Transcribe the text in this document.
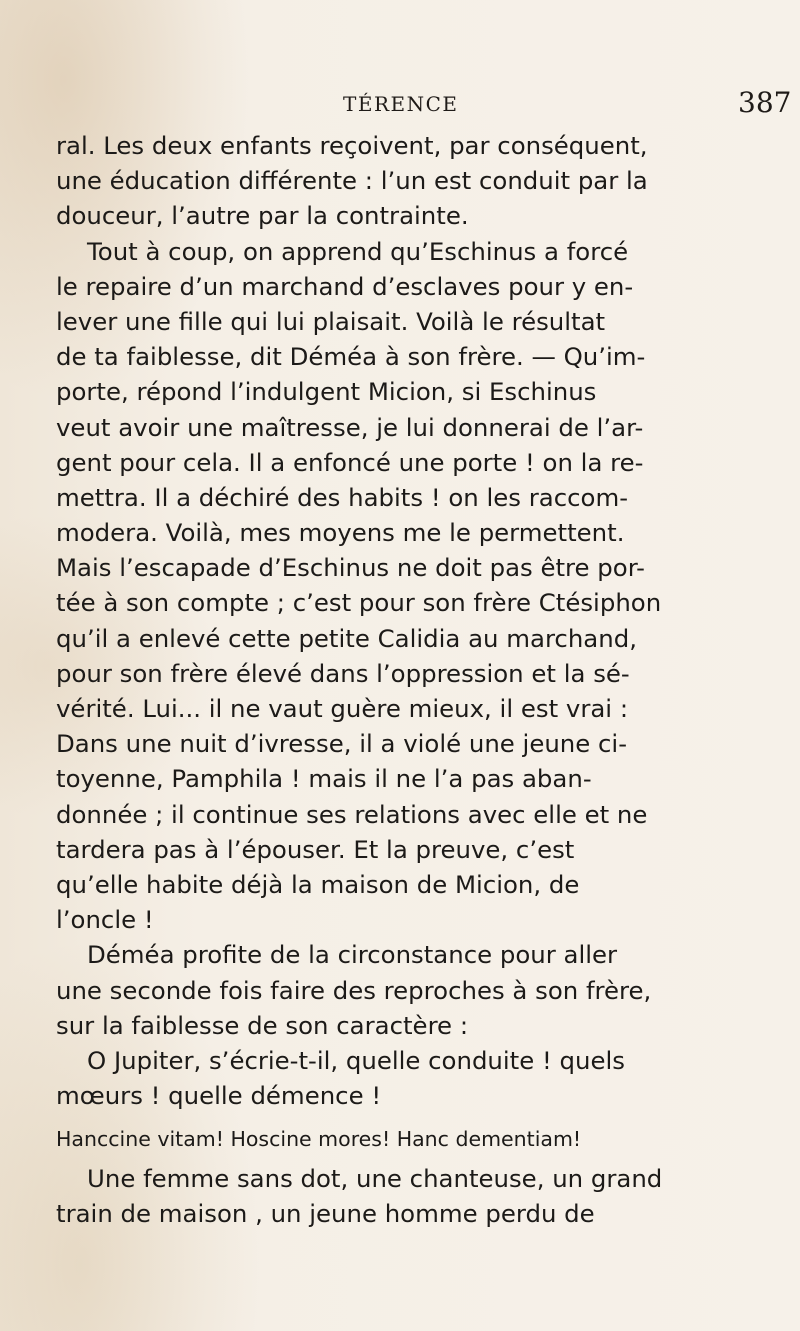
TÉRENCE	387
ral. Les deux enfants reçoivent, par conséquent,
une éducation différente : l’un est conduit par la
douceur, l’autre par la contrainte.
Tout à coup, on apprend qu’Eschinus a forcé
le repaire d’un marchand d’esclaves pour y en-
lever une fille qui lui plaisait. Voilà le résultat
de ta faiblesse, dit Déméa à son frère. — Qu’im-
porte, répond l’indulgent Micion, si Eschinus
veut avoir une maîtresse, je lui donnerai de l’ar-
gent pour cela. Il a enfoncé une porte ! on la re-
mettra. Il a déchiré des habits ! on les raccom-
modera. Voilà, mes moyens me le permettent.
Mais l’escapade d’Eschinus ne doit pas être por-
tée à son compte ; c’est pour son frère Ctésiphon
qu’il a enlevé cette petite Calidia au marchand,
pour son frère élevé dans l’oppression et la sé-
vérité. Lui... il ne vaut guère mieux, il est vrai :
Dans une nuit d’ivresse, il a violé une jeune ci-
toyenne, Pamphila ! mais il ne l’a pas aban-
donnée ; il continue ses relations avec elle et ne
tardera pas à l’épouser. Et la preuve, c’est
qu’elle habite déjà la maison de Micion, de
l’oncle !
Déméa profite de la circonstance pour aller
une seconde fois faire des reproches à son frère,
sur la faiblesse de son caractère :
O Jupiter, s’écrie-t-il, quelle conduite ! quels
mœurs ! quelle démence !
Hanccine vitam! Hoscine mores! Hanc dementiam!
Une femme sans dot, une chanteuse, un grand
train de maison , un jeune homme perdu de
